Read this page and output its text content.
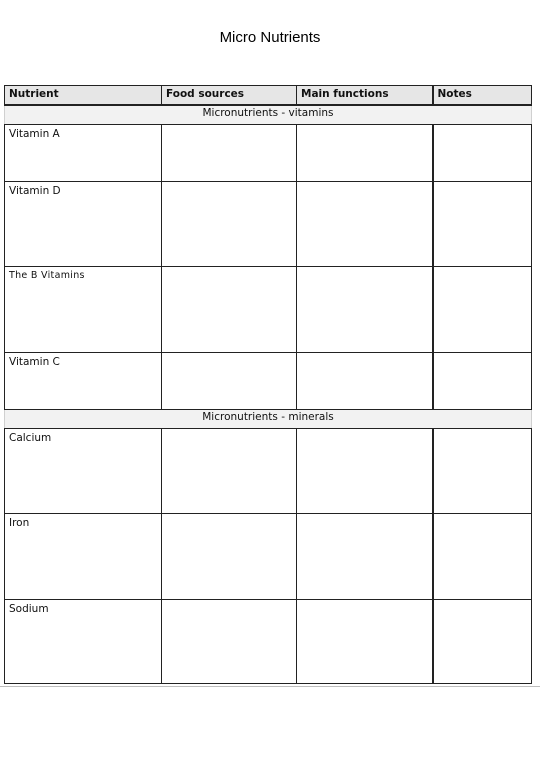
Micro Nutrients
Nutrient	Food sources	Main functions	Notes
Micronutrients - vitamins			
Vitamin A			
Vitamin D			
The B Vitamins			
Vitamin C			
Micronutrients - minerals			
Calcium			
Iron			
Sodium			
